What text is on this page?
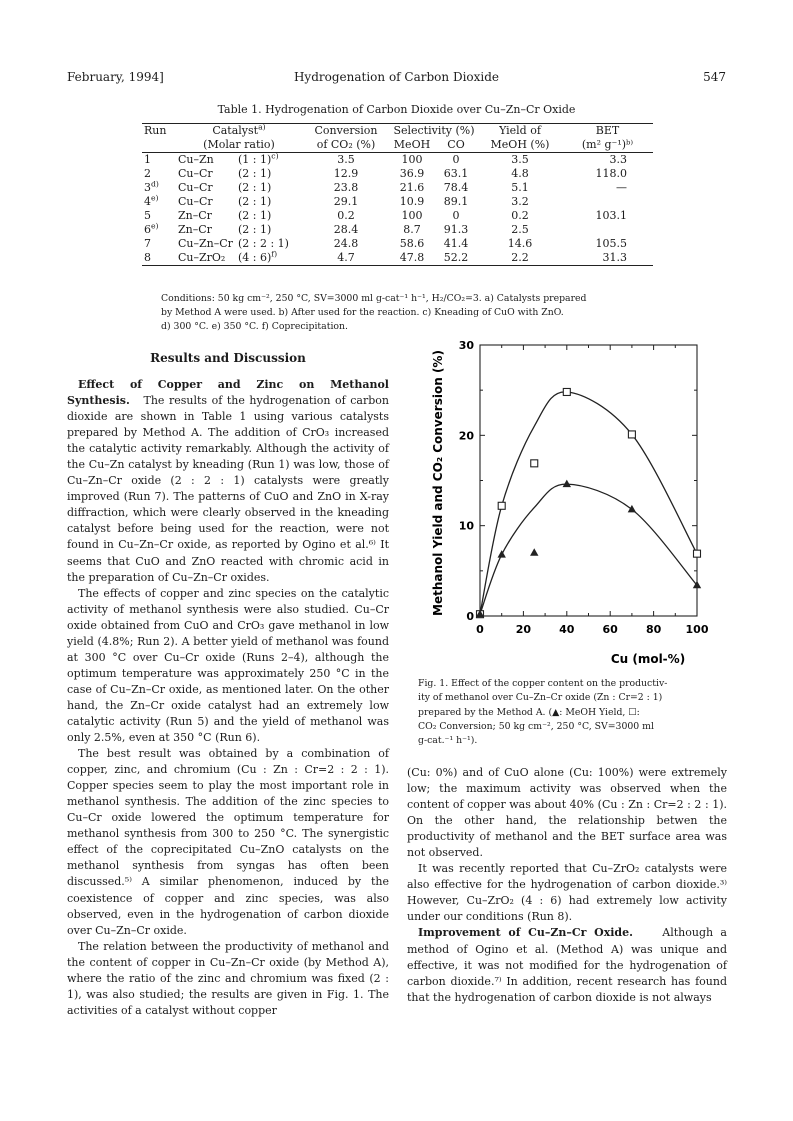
February, 1994]	Hydrogenation of Carbon Dioxide	547
Table 1. Hydrogenation of Carbon Dioxide over Cu–Zn–Cr Oxide
Run	Catalyst$^{a)}$		Conversion	Selectivity (%)		Yield of	BET
	(Molar ratio)		of CO₂ (%)	MeOH	CO	MeOH (%)	(m² g⁻¹)ᵇ⁾
1	Cu–Zn	(1 : 1)$^{c)}$	3.5	100	0	3.5	3.3
2	Cu–Cr	(2 : 1)	12.9	36.9	63.1	4.8	118.0
3$^{d)}$	Cu–Cr	(2 : 1)	23.8	21.6	78.4	5.1	—
4$^{e)}$	Cu–Cr	(2 : 1)	29.1	10.9	89.1	3.2	
5	Zn–Cr	(2 : 1)	0.2	100	0	0.2	103.1
6$^{e)}$	Zn–Cr	(2 : 1)	28.4	8.7	91.3	2.5	
7	Cu–Zn–Cr	(2 : 2 : 1)	24.8	58.6	41.4	14.6	105.5
8	Cu–ZrO₂	(4 : 6)$^{f)}$	4.7	47.8	52.2	2.2	31.3
Conditions: 50 kg cm⁻², 250 °C, SV=3000 ml g-cat⁻¹ h⁻¹, H₂/CO₂=3. a) Catalysts prepared
by Method A were used. b) After used for the reaction. c) Kneading of CuO with ZnO.
d) 300 °C. e) 350 °C. f) Coprecipitation.
Results and Discussion

Effect of Copper and Zinc on Methanol Synthesis. The results of the hydrogenation of carbon dioxide are shown in Table 1 using various catalysts prepared by Method A. The addition of CrO₃ increased the catalytic activity remarkably. Although the activity of the Cu–Zn catalyst by kneading (Run 1) was low, those of Cu–Zn–Cr oxide (2 : 2 : 1) catalysts were greatly improved (Run 7). The patterns of CuO and ZnO in X-ray diffraction, which were clearly observed in the kneading catalyst before being used for the reaction, were not found in Cu–Zn–Cr oxide, as reported by Ogino et al.⁶⁾ It seems that CuO and ZnO reacted with chromic acid in the preparation of Cu–Zn–Cr oxides.

The effects of copper and zinc species on the catalytic activity of methanol synthesis were also studied. Cu–Cr oxide obtained from CuO and CrO₃ gave methanol in low yield (4.8%; Run 2). A better yield of methanol was found at 300 °C over Cu–Cr oxide (Runs 2–4), although the optimum temperature was approximately 250 °C in the case of Cu–Zn–Cr oxide, as mentioned later. On the other hand, the Zn–Cr oxide catalyst had an extremely low catalytic activity (Run 5) and the yield of methanol was only 2.5%, even at 350 °C (Run 6).

The best result was obtained by a combination of copper, zinc, and chromium (Cu : Zn : Cr=2 : 2 : 1). Copper species seem to play the most important role in methanol synthesis. The addition of the zinc species to Cu–Cr oxide lowered the optimum temperature for methanol synthesis from 300 to 250 °C. The synergistic effect of the coprecipitated Cu–ZnO catalysts on the methanol synthesis from syngas has often been discussed.⁵⁾ A similar phenomenon, induced by the coexistence of copper and zinc species, was also observed, even in the hydrogenation of carbon dioxide over Cu–Zn–Cr oxide.

The relation between the productivity of methanol and the content of copper in Cu–Zn–Cr oxide (by Method A), where the ratio of the zinc and chromium was fixed (2 : 1), was also studied; the results are given in Fig. 1. The activities of a catalyst without copper

0	20	40	60	80 100
0
10
20
30
Cu (mol-%)
Methanol Yield and CO₂ Conversion (%)

Fig. 1. Effect of the copper content on the productiv-

ity of methanol over Cu–Zn–Cr oxide (Zn : Cr=2 : 1)

prepared by the Method A. (▲: MeOH Yield, ☐:

CO₂ Conversion; 50 kg cm⁻², 250 °C, SV=3000 ml

g-cat.⁻¹ h⁻¹).

(Cu: 0%) and of CuO alone (Cu: 100%) were extremely low; the maximum activity was observed when the content of copper was about 40% (Cu : Zn : Cr=2 : 2 : 1). On the other hand, the relationship betwen the productivity of methanol and the BET surface area was not observed.

It was recently reported that Cu–ZrO₂ catalysts were also effective for the hydrogenation of carbon dioxide.³⁾ However, Cu–ZrO₂ (4 : 6) had extremely low activity under our conditions (Run 8).

Improvement of Cu–Zn–Cr Oxide.	Although a method of Ogino et al. (Method A) was unique and effective, it was not modified for the hydrogenation of carbon dioxide.⁷⁾ In addition, recent research has found that the hydrogenation of carbon dioxide is not always
